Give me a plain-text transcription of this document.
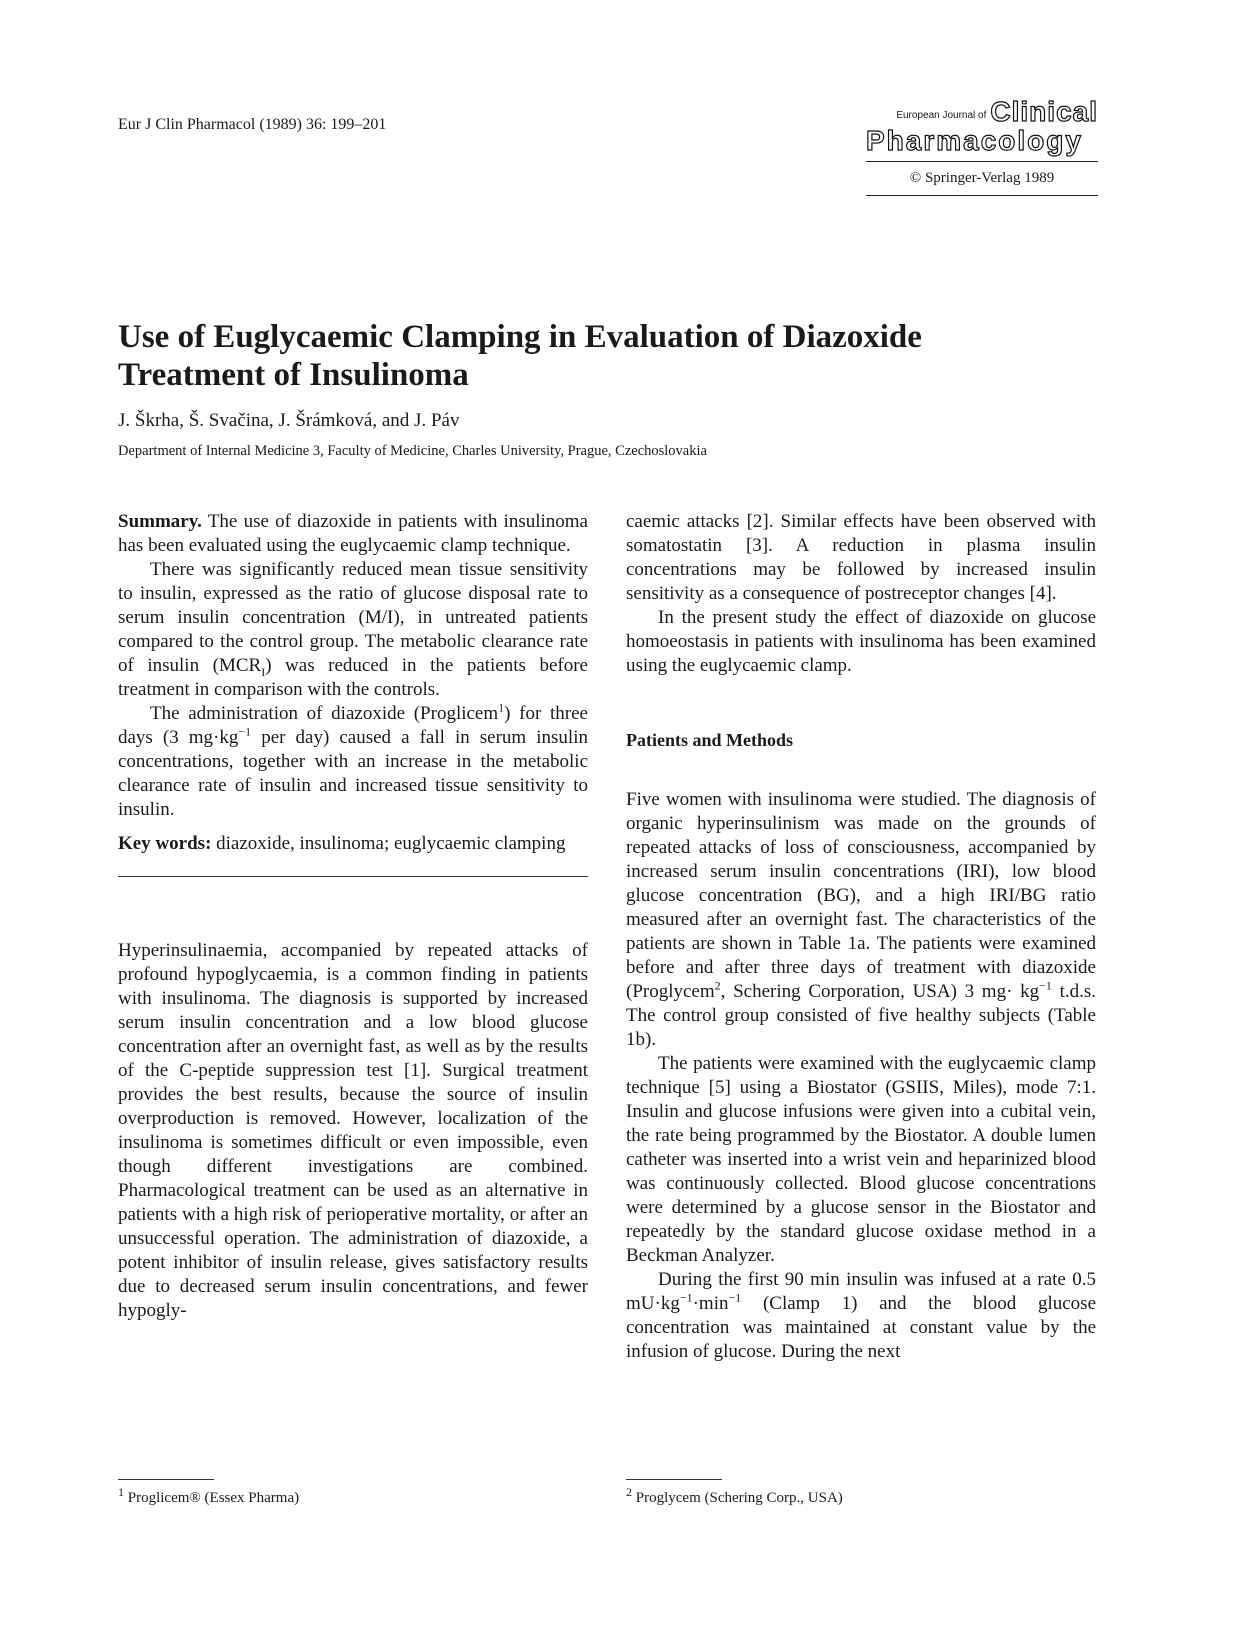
Eur J Clin Pharmacol (1989) 36: 199–201
European Journal of Clinical
Pharmacology
© Springer-Verlag 1989
Use of Euglycaemic Clamping in Evaluation of Diazoxide
Treatment of Insulinoma
J. Škrha, Š. Svačina, J. Šrámková, and J. Páv
Department of Internal Medicine 3, Faculty of Medicine, Charles University, Prague, Czechoslovakia

Summary. The use of diazoxide in patients with insulinoma has been evaluated using the euglycaemic clamp technique.

There was significantly reduced mean tissue sensitivity to insulin, expressed as the ratio of glucose disposal rate to serum insulin concentration (M/I), in untreated patients compared to the control group. The metabolic clearance rate of insulin $(MCR_I)$ was reduced in the patients before treatment in comparison with the controls.

The administration of diazoxide (Proglicem$^1$) for three days (3 $mg\cdot kg^{-1}$ per day) caused a fall in serum insulin concentrations, together with an increase in the metabolic clearance rate of insulin and increased tissue sensitivity to insulin.

Key words: diazoxide, insulinoma; euglycaemic clamping

Hyperinsulinaemia, accompanied by repeated attacks of profound hypoglycaemia, is a common finding in patients with insulinoma. The diagnosis is supported by increased serum insulin concentration and a low blood glucose concentration after an overnight fast, as well as by the results of the C-peptide suppression test [1]. Surgical treatment provides the best results, because the source of insulin overproduction is removed. However, localization of the insulinoma is sometimes difficult or even impossible, even though different investigations are combined. Pharmacological treatment can be used as an alternative in patients with a high risk of perioperative mortality, or after an unsuccessful operation. The administration of diazoxide, a potent inhibitor of insulin release, gives satisfactory results due to decreased serum insulin concentrations, and fewer hypogly-

caemic attacks [2]. Similar effects have been observed with somatostatin [3]. A reduction in plasma insulin concentrations may be followed by increased insulin sensitivity as a consequence of postreceptor changes [4].

In the present study the effect of diazoxide on glucose homoeostasis in patients with insulinoma has been examined using the euglycaemic clamp.

Patients and Methods

Five women with insulinoma were studied. The diagnosis of organic hyperinsulinism was made on the grounds of repeated attacks of loss of consciousness, accompanied by increased serum insulin concentrations (IRI), low blood glucose concentration (BG), and a high IRI/BG ratio measured after an overnight fast. The characteristics of the patients are shown in Table 1a. The patients were examined before and after three days of treatment with diazoxide (Proglycem$^2$, Schering Corporation, USA) 3 $mg\cdot kg^{-1}$ t.d.s. The control group consisted of five healthy subjects (Table 1b).

The patients were examined with the euglycaemic clamp technique [5] using a Biostator (GSIIS, Miles), mode 7:1. Insulin and glucose infusions were given into a cubital vein, the rate being programmed by the Biostator. A double lumen catheter was inserted into a wrist vein and heparinized blood was continuously collected. Blood glucose concentrations were determined by a glucose sensor in the Biostator and repeatedly by the standard glucose oxidase method in a Beckman Analyzer.

During the first 90 min insulin was infused at a rate 0.5 $mU\cdot kg^{-1}\cdot\min^{-1}$ (Clamp 1) and the blood glucose concentration was maintained at constant value by the infusion of glucose. During the next

$^1$ Proglicem® (Essex Pharma)	$^2$ Proglycem (Schering Corp., USA)
